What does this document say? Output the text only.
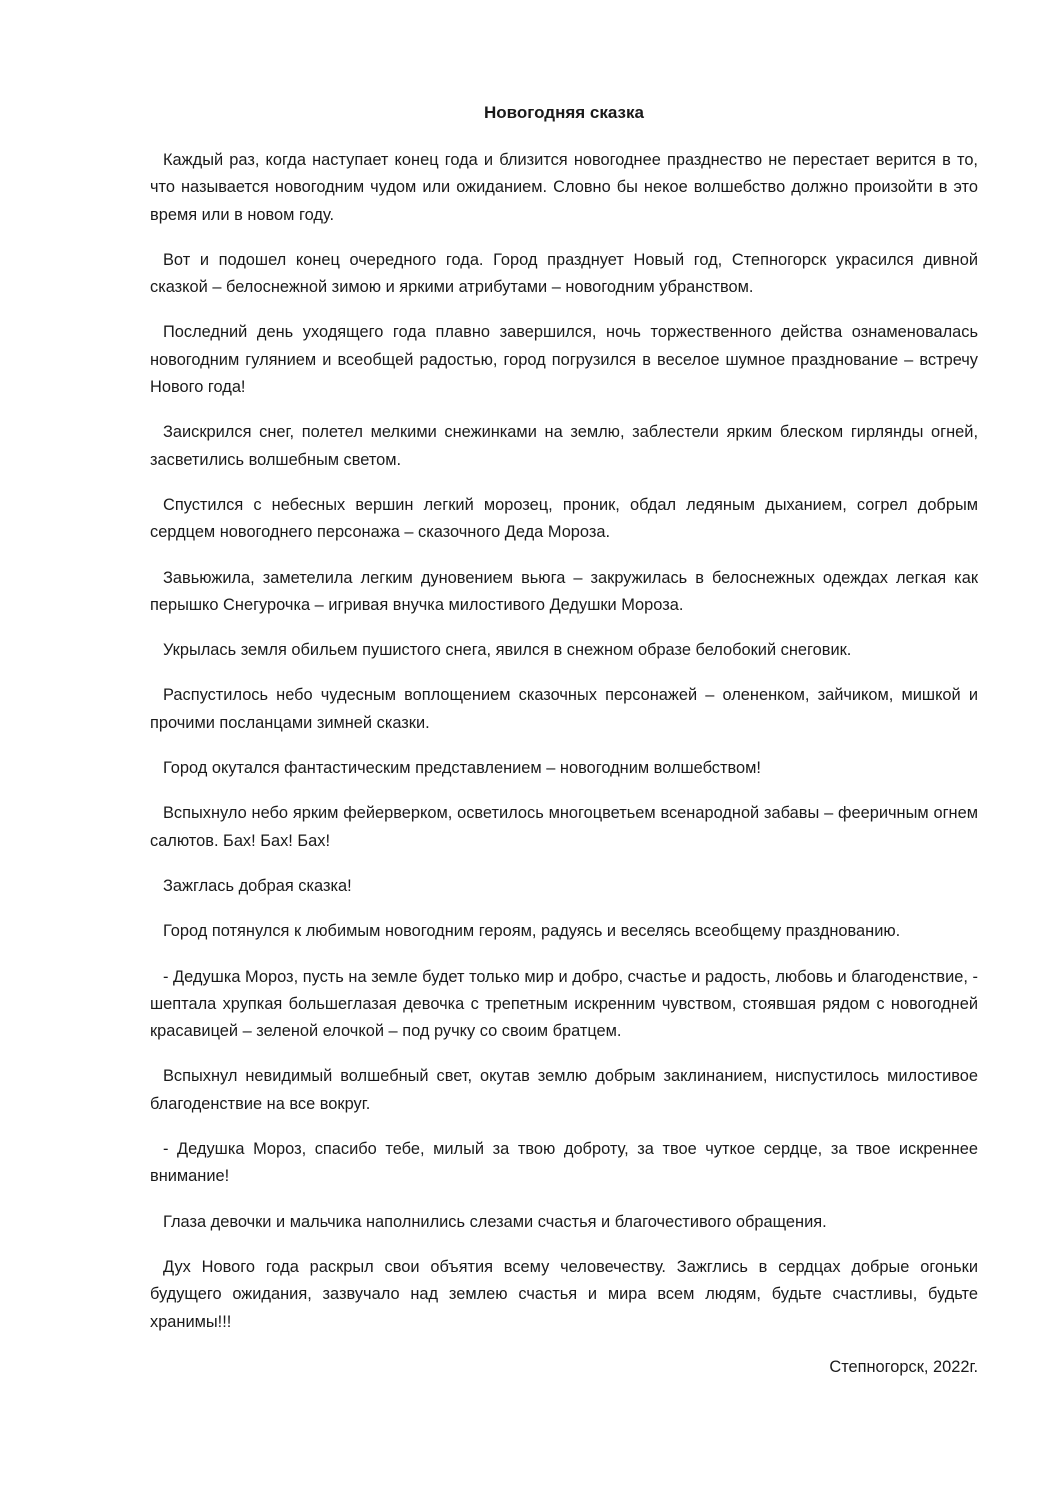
Новогодняя сказка

Каждый раз, когда наступает конец года и близится новогоднее празднество не перестает верится в то, что называется новогодним чудом или ожиданием. Словно бы некое волшебство должно произойти в это время или в новом году.

Вот и подошел конец очередного года. Город празднует Новый год, Степногорск украсился дивной сказкой – белоснежной зимою и яркими атрибутами – новогодним убранством.

Последний день уходящего года плавно завершился, ночь торжественного действа ознаменовалась новогодним гулянием и всеобщей радостью, город погрузился в веселое шумное празднование – встречу Нового года!

Заискрился снег, полетел мелкими снежинками на землю, заблестели ярким блеском гирлянды огней, засветились волшебным светом.

Спустился с небесных вершин легкий морозец, проник, обдал ледяным дыханием, согрел добрым сердцем новогоднего персонажа – сказочного Деда Мороза.

Завьюжила, заметелила легким дуновением вьюга – закружилась в белоснежных одеждах легкая как перышко Снегурочка – игривая внучка милостивого Дедушки Мороза.

Укрылась земля обильем пушистого снега, явился в снежном образе белобокий снеговик.

Распустилось небо чудесным воплощением сказочных персонажей – олененком, зайчиком, мишкой и прочими посланцами зимней сказки.

Город окутался фантастическим представлением – новогодним волшебством!

Вспыхнуло небо ярким фейерверком, осветилось многоцветьем всенародной забавы – фееричным огнем салютов. Бах! Бах! Бах!

Зажглась добрая сказка!

Город потянулся к любимым новогодним героям, радуясь и веселясь всеобщему празднованию.

- Дедушка Мороз, пусть на земле будет только мир и добро, счастье и радость, любовь и благоденствие, - шептала хрупкая большеглазая девочка с трепетным искренним чувством, стоявшая рядом с новогодней красавицей – зеленой елочкой – под ручку со своим братцем.

Вспыхнул невидимый волшебный свет, окутав землю добрым заклинанием, ниспустилось милостивое благоденствие на все вокруг.

- Дедушка Мороз, спасибо тебе, милый за твою доброту, за твое чуткое сердце, за твое искреннее внимание!

Глаза девочки и мальчика наполнились слезами счастья и благочестивого обращения.

Дух Нового года раскрыл свои объятия всему человечеству. Зажглись в сердцах добрые огоньки будущего ожидания, зазвучало над землею счастья и мира всем людям, будьте счастливы, будьте хранимы!!!

Степногорск, 2022г.
